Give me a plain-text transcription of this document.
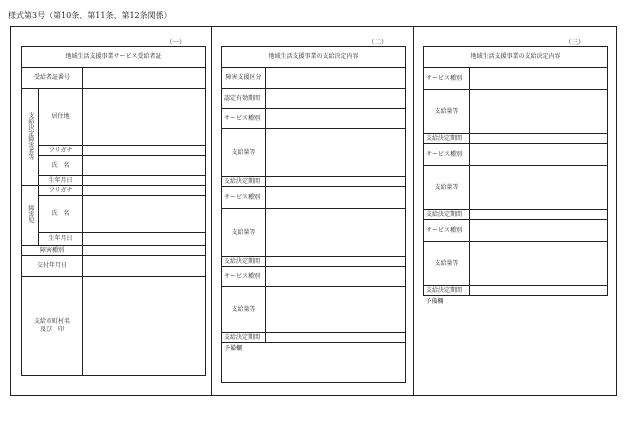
様式第3号（第10条、第11条、第12条関係）
（一）
地域生活支援事業サービス受給者証		
受給者証番号		
支給決定障害者等	居住地	
	フリガナ	
	氏　名	
	生年月日	
障害児	フリガナ	
	氏　名	
	生年月日	
障害種別		
交付年月日		
支給市町村名
及び　印		
（二）
地域生活支援事業の支給決定内容	
障害支援区分	
認定有効期間	
サービス種別	
支給量等	
支給決定期間	
サービス種別	
支給量等	
支給決定期間	
サービス種別	
支給量等	
支給決定期間	
予備欄	
（三）
地域生活支援事業の支給決定内容	
サービス種別	
支給量等	
支給決定期間	
サービス種別	
支給量等	
支給決定期間	
サービス種別	
支給量等	
支給決定期間	
予備欄	
